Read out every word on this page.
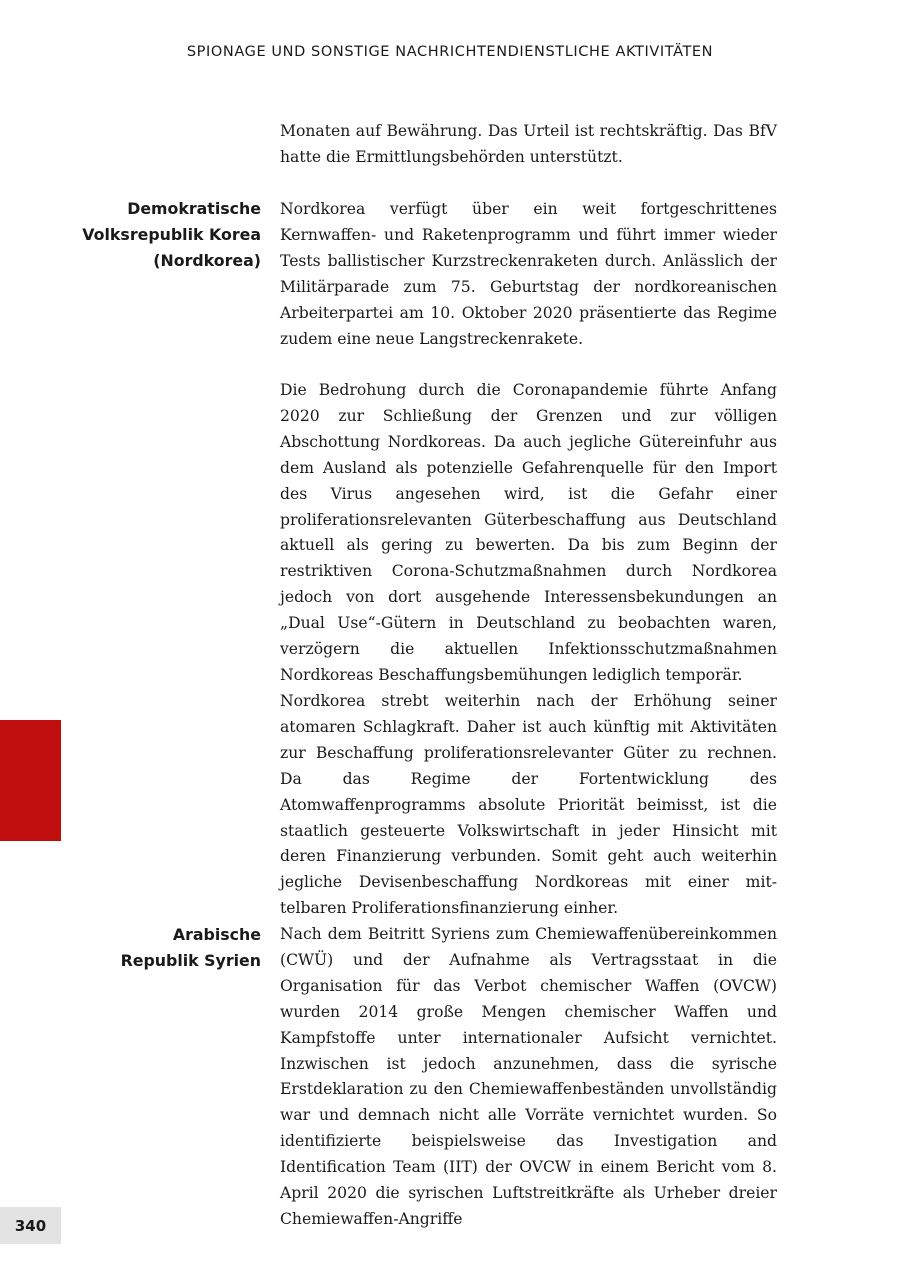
SPIONAGE UND SONSTIGE NACHRICHTENDIENSTLICHE AKTIVITÄTEN

Monaten auf Bewährung. Das Urteil ist rechtskräftig. Das BfV hatte die Ermittlungsbehörden unterstützt.

Demokratische
Volksrepublik Korea
(Nordkorea)

Nordkorea verfügt über ein weit fortgeschrittenes Kernwaffen- und Raketenprogramm und führt immer wieder Tests ballistischer Kurzstreckenraketen durch. Anlässlich der Militärparade zum 75. Geburtstag der nordkoreanischen Arbeiterpartei am 10. Oktober 2020 präsentierte das Regime zudem eine neue Langstreckenrakete.

Die Bedrohung durch die Coronapandemie führte Anfang 2020 zur Schließung der Grenzen und zur völligen Abschottung Nordkoreas. Da auch jegliche Gütereinfuhr aus dem Ausland als potenzielle Gefahrenquelle für den Import des Virus angesehen wird, ist die Gefahr einer proliferationsrelevanten Güterbeschaffung aus Deutschland aktuell als gering zu bewerten. Da bis zum Beginn der restriktiven Corona-Schutzmaßnahmen durch Nordkorea jedoch von dort ausgehende Interessensbekundungen an „Dual Use“-Gütern in Deutschland zu beobachten waren, verzögern die aktuellen Infektionsschutzmaßnahmen Nordkoreas Beschaffungsbemühungen lediglich temporär.

Nordkorea strebt weiterhin nach der Erhöhung seiner atomaren Schlagkraft. Daher ist auch künftig mit Aktivitäten zur Beschaffung proliferationsrelevanter Güter zu rechnen. Da das Regime der Fortentwicklung des Atomwaffenprogramms absolute Priorität beimisst, ist die staatlich gesteuerte Volkswirtschaft in jeder Hinsicht mit deren Finanzierung verbunden. Somit geht auch weiterhin jegliche Devisenbeschaffung Nordkoreas mit einer mittelbaren Proliferationsfinanzierung einher.

Arabische
Republik Syrien

Nach dem Beitritt Syriens zum Chemiewaffenübereinkommen (CWÜ) und der Aufnahme als Vertragsstaat in die Organisation für das Verbot chemischer Waffen (OVCW) wurden 2014 große Mengen chemischer Waffen und Kampfstoffe unter internationaler Aufsicht vernichtet. Inzwischen ist jedoch anzunehmen, dass die syrische Erstdeklaration zu den Chemiewaffenbeständen unvollständig war und demnach nicht alle Vorräte vernichtet wurden. So identifizierte beispielsweise das Investigation and Identification Team (IIT) der OVCW in einem Bericht vom 8. April 2020 die syrischen Luftstreitkräfte als Urheber dreier Chemiewaffen-Angriffe

340
